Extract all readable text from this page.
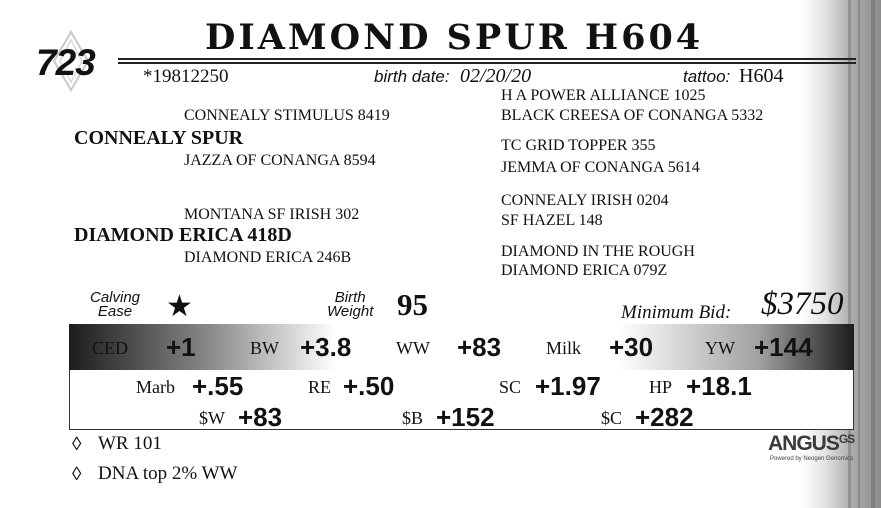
723
DIAMOND SPUR H604
*19812250	birth date: 02/20/20	tattoo: H604
CONNEALY STIMULUS 8419
CONNEALY SPUR
JAZZA OF CONANGA 8594
MONTANA SF IRISH 302
DIAMOND ERICA 418D
DIAMOND ERICA 246B
H A POWER ALLIANCE 1025
BLACK CREESA OF CONANGA 5332
TC GRID TOPPER 355
JEMMA OF CONANGA 5614
CONNEALY IRISH 0204
SF HAZEL 148
DIAMOND IN THE ROUGH
DIAMOND ERICA 079Z
Calving
Ease ★	Birth
Weight 95	Minimum Bid: $3750
CED +1	BW +3.8 WW +83 Milk +30	YW +144
Marb +.55	RE +.50	SC +1.97	HP +18.1
$W +83	$B +152	$C +282
◊ WR 101
◊ DNA top 2% WW
$ANGUS^{GS}$
Powered by Neogen Genomics
